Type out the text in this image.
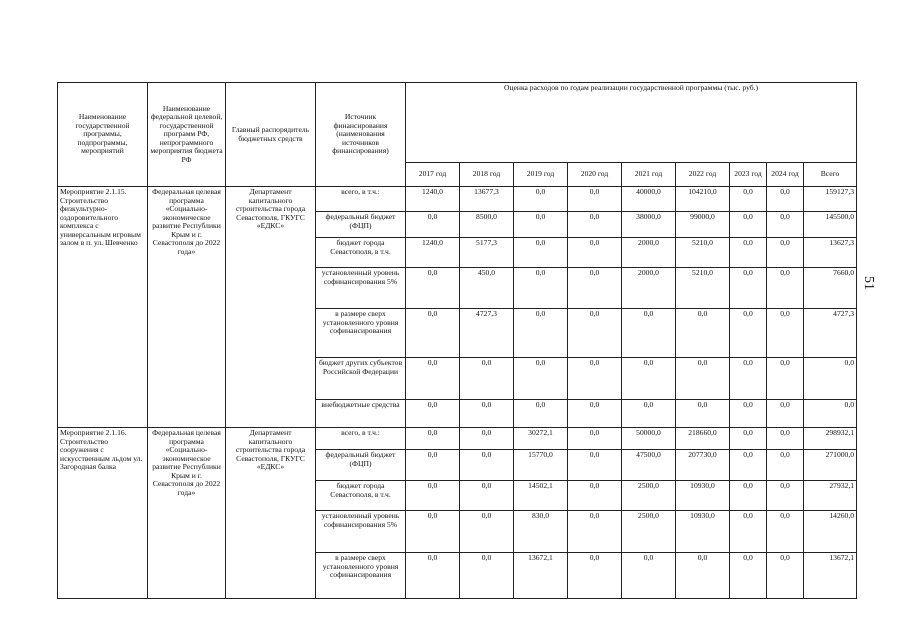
51
Наименование государственной программы, подпрограммы, мероприятий	Наименование федеральной целевой, государственной программ РФ, непрограммного мероприятия бюджета РФ	Главный распорядитель бюджетных средств	Источник финансирования (наименования источников финансирования)	Оценка расходов по годам реализации государственной программы (тыс. руб.)								
				2017 год	2018 год	2019 год	2020 год	2021 год	2022 год	2023 год	2024 год	Всего
Мероприятие 2.1.15. Строительство физкультурно-оздоровительного комплекса с универсальным игровым залом в п. ул. Шевченко	Федеральная целевая программа «Социально-экономическое развитие Республики Крым и г. Севастополя до 2022 года»	Департамент капитального строительства города Севастополя, ГКУГС «ЕДКС»	всего, в т.ч.:	1240,0	13677,3	0,0	0,0	40000,0	104210,0	0,0	0,0	159127,3
			федеральный бюджет (ФЦП)	0,0	8500,0	0,0	0,0	38000,0	99000,0	0,0	0,0	145500,0
			бюджет города Севастополя, в т.ч.	1240,0	5177,3	0,0	0,0	2000,0	5210,0	0,0	0,0	13627,3
			установленный уровень софинансирования 5%	0,0	450,0	0,0	0,0	2000,0	5210,0	0,0	0,0	7660,0
			в размере сверх установленного уровня софинансирования	0,0	4727,3	0,0	0,0	0,0	0,0	0,0	0,0	4727,3
			бюджет других субъектов Российской Федерации	0,0	0,0	0,0	0,0	0,0	0,0	0,0	0,0	0,0
			внебюджетные средства	0,0	0,0	0,0	0,0	0,0	0,0	0,0	0,0	0,0
Мероприятие 2.1.16. Строительство сооружения с искусственным льдом ул. Загородная балка	Федеральная целевая программа «Социально-экономическое развитие Республики Крым и г. Севастополя до 2022 года»	Департамент капитального строительства города Севастополя, ГКУГС «ЕДКС»	всего, в т.ч.:	0,0	0,0	30272,1	0,0	50000,0	218660,0	0,0	0,0	298932,1
			федеральный бюджет (ФЦП)	0,0	0,0	15770,0	0,0	47500,0	207730,0	0,0	0,0	271000,0
			бюджет города Севастополя, в т.ч.	0,0	0,0	14502,1	0,0	2500,0	10930,0	0,0	0,0	27932,1
			установленный уровень софинансирования 5%	0,0	0,0	830,0	0,0	2500,0	10930,0	0,0	0,0	14260,0
			в размере сверх установленного уровня софинансирования	0,0	0,0	13672,1	0,0	0,0	0,0	0,0	0,0	13672,1
